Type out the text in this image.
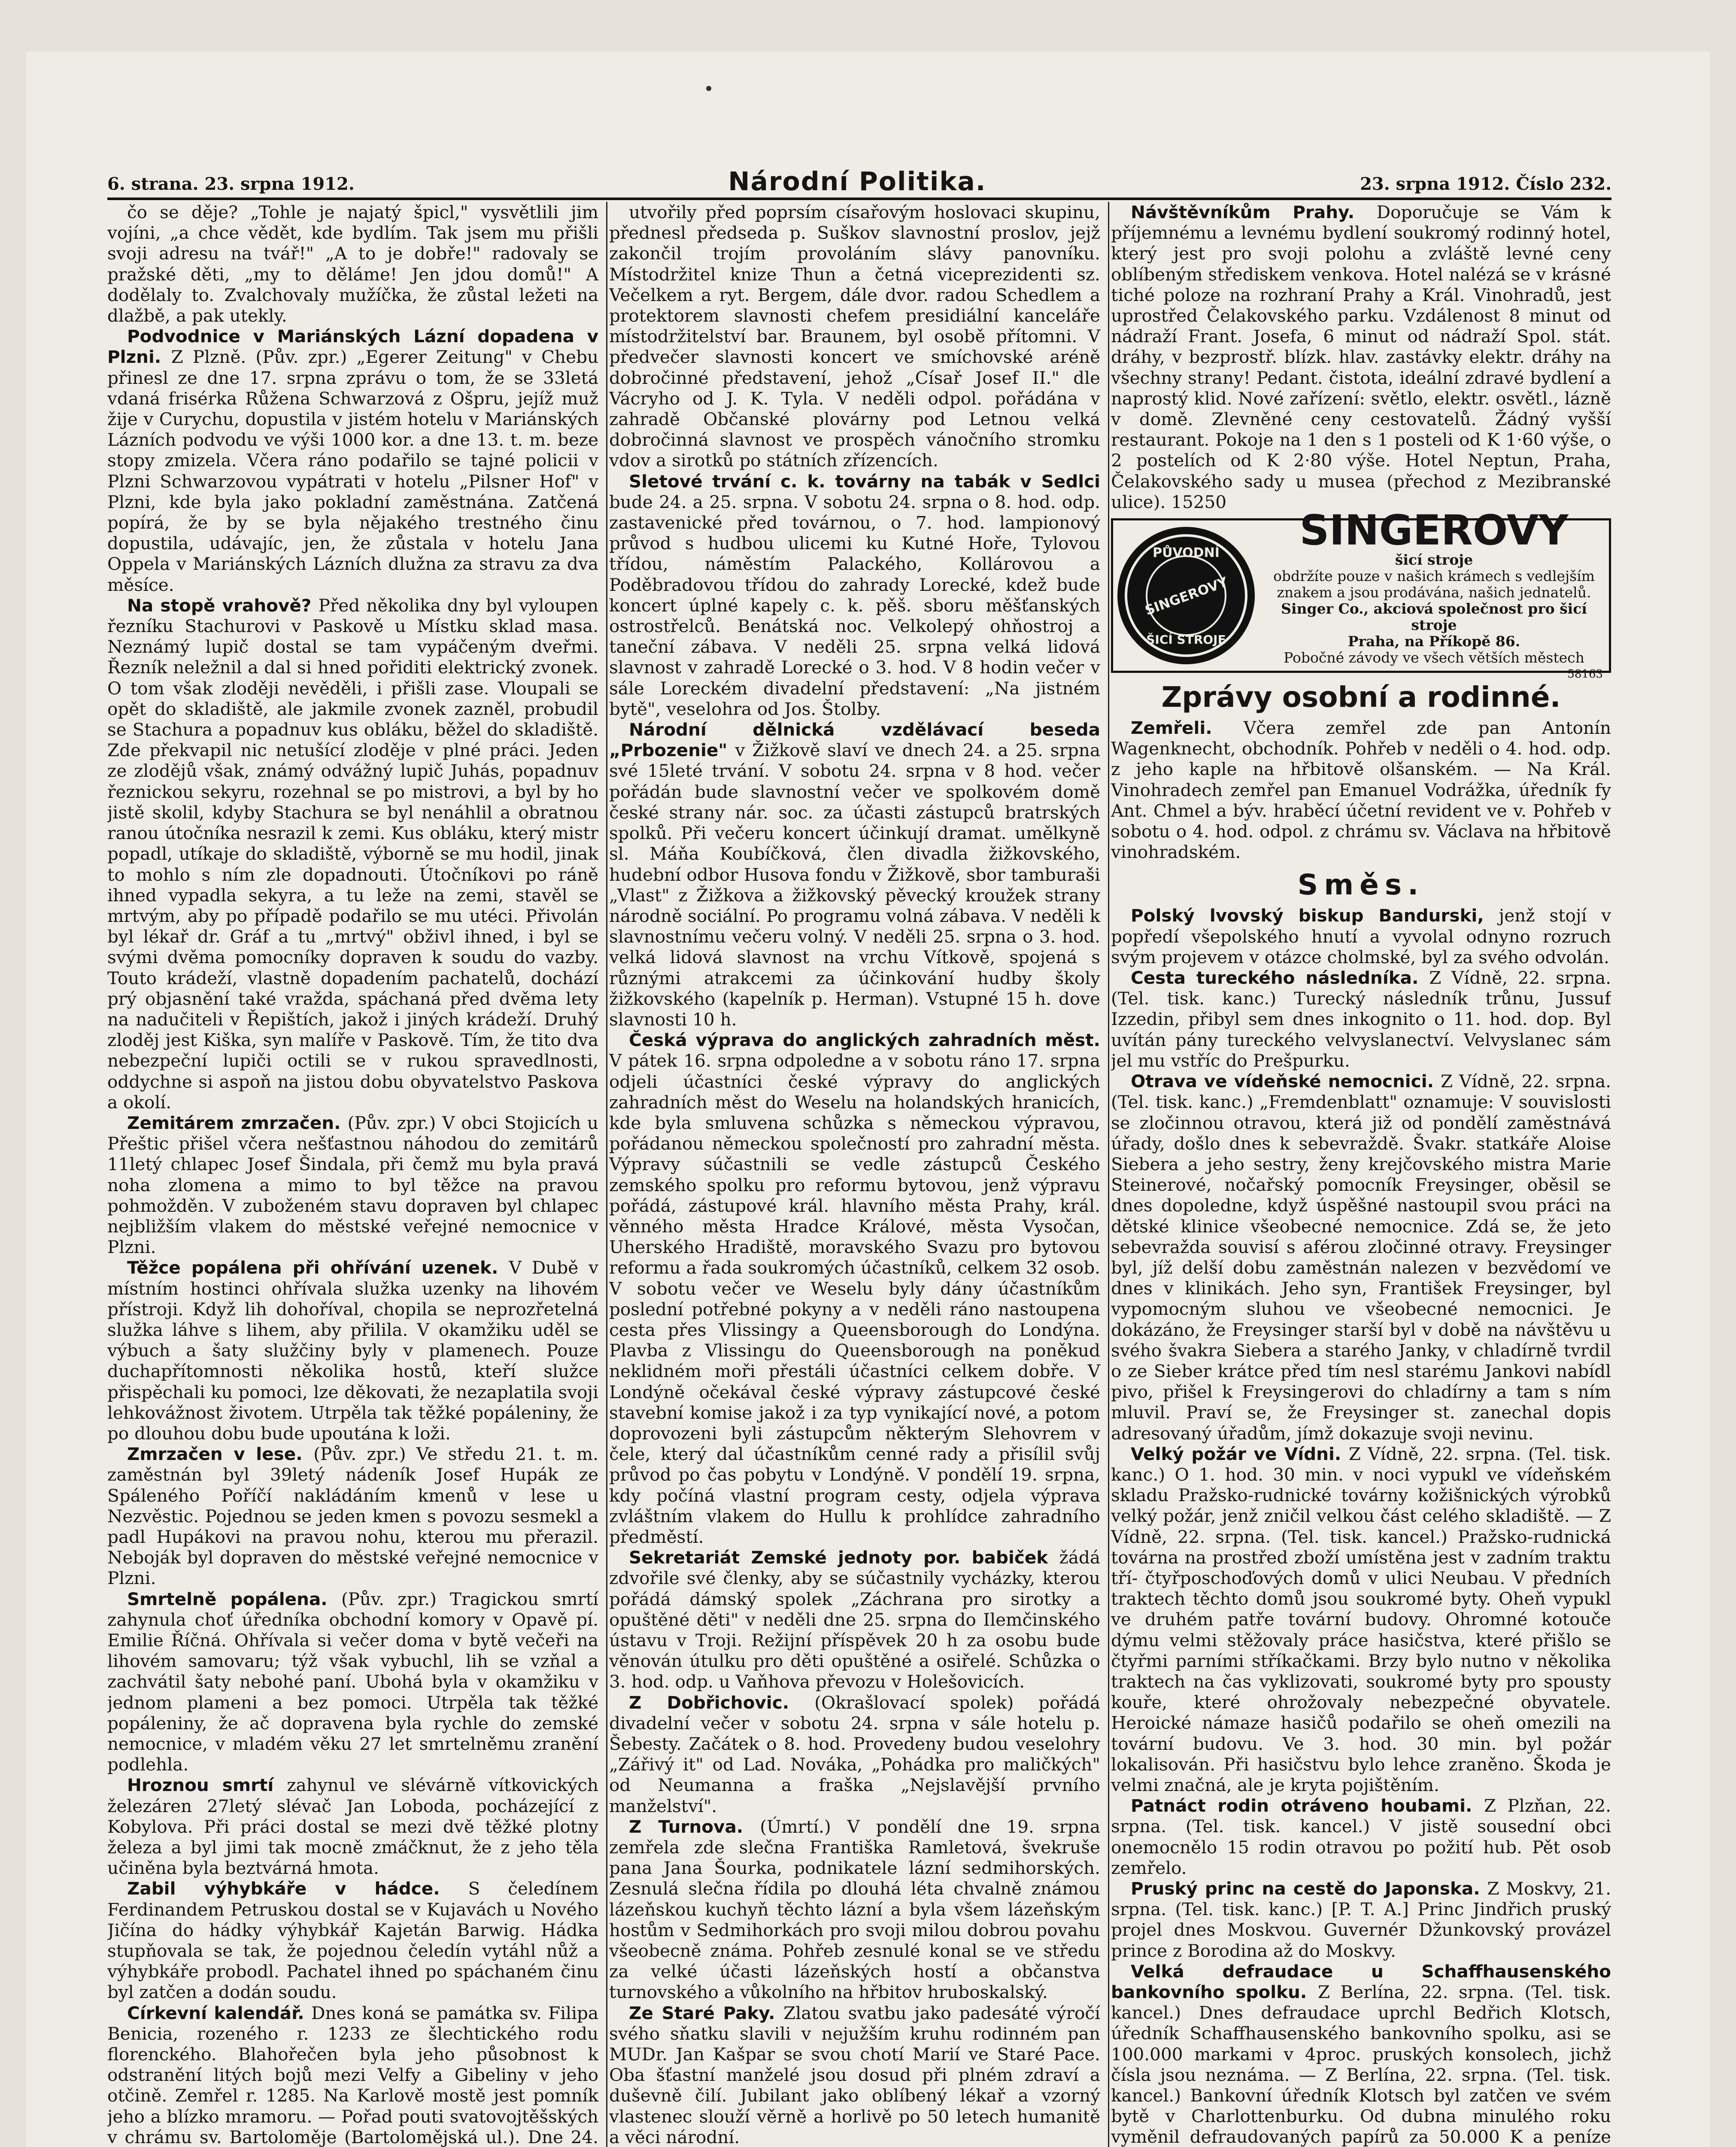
6. strana. 23. srpna 1912.	Národní Politika.	23. srpna 1912. Číslo 232.

čo se děje? „Tohle je najatý špicl," vysvětlili jim vojíni, „a chce vědět, kde bydlím. Tak jsem mu přišli svoji adresu na tvář!" „A to je dobře!" radovaly se pražské děti, „my to děláme! Jen jdou domů!" A dodělaly to. Zvalchovaly mužíčka, že zůstal ležeti na dlažbě, a pak utekly.

Podvodnice v Mariánských Lázní dopadena v Plzni. Z Plzně. (Pův. zpr.) „Egerer Zeitung" v Chebu přinesl ze dne 17. srpna zprávu o tom, že se 33letá vdaná frisérka Růžena Schwarzová z Ošpru, jejíž muž žije v Curychu, dopustila v jistém hotelu v Mariánských Lázních podvodu ve výši 1000 kor. a dne 13. t. m. beze stopy zmizela. Včera ráno podařilo se tajné policii v Plzni Schwarzovou vypátrati v hotelu „Pilsner Hof" v Plzni, kde byla jako pokladní zaměstnána. Zatčená popírá, že by se byla nějakého trestného činu dopustila, udávajíc, jen, že zůstala v hotelu Jana Oppela v Mariánských Lázních dlužna za stravu za dva měsíce.

Na stopě vrahově? Před několika dny byl vyloupen řezníku Stachurovi v Paskově u Místku sklad masa. Neznámý lupič dostal se tam vypáčeným dveřmi. Řezník neležnil a dal si hned pořiditi elektrický zvonek. O tom však zloději nevěděli, i přišli zase. Vloupali se opět do skladiště, ale jakmile zvonek zazněl, probudil se Stachura a popadnuv kus obláku, běžel do skladiště. Zde překvapil nic netušící zloděje v plné práci. Jeden ze zlodějů však, známý odvážný lupič Juhás, popadnuv řeznickou sekyru, rozehnal se po mistrovi, a byl by ho jistě skolil, kdyby Stachura se byl nenáhlil a obratnou ranou útočníka nesrazil k zemi. Kus obláku, který mistr popadl, utíkaje do skladiště, výborně se mu hodil, jinak to mohlo s ním zle dopadnouti. Útočníkovi po ráně ihned vypadla sekyra, a tu leže na zemi, stavěl se mrtvým, aby po případě podařilo se mu utéci. Přivolán byl lékař dr. Gráf a tu „mrtvý" obživl ihned, i byl se svými dvěma pomocníky dopraven k soudu do vazby. Touto krádeží, vlastně dopadením pachatelů, dochází prý objasnění také vražda, spáchaná před dvěma lety na nadučiteli v Řepištích, jakož i jiných krádeží. Druhý zloděj jest Kiška, syn malíře v Paskově. Tím, že tito dva nebezpeční lupiči octili se v rukou spravedlnosti, oddychne si aspoň na jistou dobu obyvatelstvo Paskova a okolí.

Zemitárem zmrzačen. (Pův. zpr.) V obci Stojicích u Přeštic přišel včera nešťastnou náhodou do zemitárů 11letý chlapec Josef Šindala, při čemž mu byla pravá noha zlomena a mimo to byl těžce na pravou pohmožděn. V zuboženém stavu dopraven byl chlapec nejbližším vlakem do městské veřejné nemocnice v Plzni.

Těžce popálena při ohřívání uzenek. V Dubě v místním hostinci ohřívala služka uzenky na lihovém přístroji. Když lih dohoříval, chopila se neprozřetelná služka láhve s lihem, aby přilila. V okamžiku uděl se výbuch a šaty služčiny byly v plamenech. Pouze duchapřítomnosti několika hostů, kteří služce přispěchali ku pomoci, lze děkovati, že nezaplatila svoji lehkovážnost životem. Utrpěla tak těžké popáleniny, že po dlouhou dobu bude upoutána k loži.

Zmrzačen v lese. (Pův. zpr.) Ve středu 21. t. m. zaměstnán byl 39letý nádeník Josef Hupák ze Spáleného Poříčí nakládáním kmenů v lese u Nezvěstic. Pojednou se jeden kmen s povozu sesmekl a padl Hupákovi na pravou nohu, kterou mu přerazil. Neboják byl dopraven do městské veřejné nemocnice v Plzni.

Smrtelně popálena. (Pův. zpr.) Tragickou smrtí zahynula choť úředníka obchodní komory v Opavě pí. Emilie Říčná. Ohřívala si večer doma v bytě večeři na lihovém samovaru; týž však vybuchl, lih se vzňal a zachvátil šaty nebohé paní. Ubohá byla v okamžiku v jednom plameni a bez pomoci. Utrpěla tak těžké popáleniny, že ač dopravena byla rychle do zemské nemocnice, v mladém věku 27 let smrtelněmu zranění podlehla.

Hroznou smrtí zahynul ve slévárně vítkovických železáren 27letý slévač Jan Loboda, pocházející z Kobylova. Při práci dostal se mezi dvě těžké plotny železa a byl jimi tak mocně zmáčknut, že z jeho těla učiněna byla beztvárná hmota.

Zabil výhybkáře v hádce. S čeledínem Ferdinandem Petruskou dostal se v Kujavách u Nového Jičína do hádky výhybkář Kajetán Barwig. Hádka stupňovala se tak, že pojednou čeledín vytáhl nůž a výhybkáře probodl. Pachatel ihned po spáchaném činu byl zatčen a dodán soudu.

Církevní kalendář. Dnes koná se památka sv. Filipa Benicia, rozeného r. 1233 ze šlechtického rodu florenckého. Blahořečen byla jeho působnost k odstranění litých bojů mezi Velfy a Gibeliny v jeho otčině. Zemřel r. 1285. Na Karlově mostě jest pomník jeho a blízko mramoru. — Pořad pouti svatovojtěšských v chrámu sv. Bartoloměje (Bartolomějská ul.). Dne 24.

utvořily před poprsím císařovým hoslovaci skupinu, přednesl předseda p. Suškov slavnostní proslov, jejž zakončil trojím provoláním slávy panovníku. Místodržitel knize Thun a četná viceprezidenti sz. Večelkem a ryt. Bergem, dále dvor. radou Schedlem a protektorem slavnosti chefem presidiální kanceláře místodržitelství bar. Braunem, byl osobě přítomni. V předvečer slavnosti koncert ve smíchovské aréně dobročinné představení, jehož „Císař Josef II." dle Vácryho od J. K. Tyla. V neděli odpol. pořádána v zahradě Občanské plovárny pod Letnou velká dobročinná slavnost ve prospěch vánočního stromku vdov a sirotků po státních zřízencích.

Sletové trvání c. k. továrny na tabák v Sedlci bude 24. a 25. srpna. V sobotu 24. srpna o 8. hod. odp. zastavenické před továrnou, o 7. hod. lampionový průvod s hudbou ulicemi ku Kutné Hoře, Tylovou třídou, náměstím Palackého, Kollárovou a Poděbradovou třídou do zahrady Lorecké, kdež bude koncert úplné kapely c. k. pěš. sboru měšťanských ostrostřelců. Benátská noc. Velkolepý ohňostroj a taneční zábava. V neděli 25. srpna velká lidová slavnost v zahradě Lorecké o 3. hod. V 8 hodin večer v sále Loreckém divadelní představení: „Na jistném bytě", veselohra od Jos. Štolby.

Národní dělnická vzdělávací beseda „Prbozenie" v Žižkově slaví ve dnech 24. a 25. srpna své 15leté trvání. V sobotu 24. srpna v 8 hod. večer pořádán bude slavnostní večer ve spolkovém domě české strany nár. soc. za účasti zástupců bratrských spolků. Při večeru koncert účinkují dramat. umělkyně sl. Máňa Koubíčková, člen divadla žižkovského, hudební odbor Husova fondu v Žižkově, sbor tamburaši „Vlast" z Žižkova a žižkovský pěvecký kroužek strany národně sociální. Po programu volná zábava. V neděli k slavnostnímu večeru volný. V neděli 25. srpna o 3. hod. velká lidová slavnost na vrchu Vítkově, spojená s různými atrakcemi za účinkování hudby školy žižkovského (kapelník p. Herman). Vstupné 15 h. dove slavnosti 10 h.

Česká výprava do anglických zahradních měst. V pátek 16. srpna odpoledne a v sobotu ráno 17. srpna odjeli účastníci české výpravy do anglických zahradních měst do Weselu na holandských hranicích, kde byla smluvena schůzka s německou výpravou, pořádanou německou společností pro zahradní města. Výpravy súčastnili se vedle zástupců Českého zemského spolku pro reformu bytovou, jenž výpravu pořádá, zástupové král. hlavního města Prahy, král. věnného města Hradce Králové, města Vysočan, Uherského Hradiště, moravského Svazu pro bytovou reformu a řada soukromých účastníků, celkem 32 osob. V sobotu večer ve Weselu byly dány účastníkům poslední potřebné pokyny a v neděli ráno nastoupena cesta přes Vlissingy a Queensborough do Londýna. Plavba z Vlissingu do Queensborough na poněkud neklidném moři přestáli účastníci celkem dobře. V Londýně očekával české výpravy zástupcové české stavební komise jakož i za typ vynikající nové, a potom doprovozeni byli zástupcům některým Slehovrem v čele, který dal účastníkům cenné rady a přisílil svůj průvod po čas pobytu v Londýně. V pondělí 19. srpna, kdy počíná vlastní program cesty, odjela výprava zvláštním vlakem do Hullu k prohlídce zahradního předměstí.

Sekretariát Zemské jednoty por. babiček žádá zdvořile své členky, aby se súčastnily vycházky, kterou pořádá dámský spolek „Záchrana pro sirotky a opuštěné děti" v neděli dne 25. srpna do Ilemčinského ústavu v Troji. Režijní příspěvek 20 h za osobu bude věnován útulku pro děti opuštěné a osiřelé. Schůzka o 3. hod. odp. u Vaňhova převozu v Holešovicích.

Z Dobřichovic. (Okrašlovací spolek) pořádá divadelní večer v sobotu 24. srpna v sále hotelu p. Šebesty. Začátek o 8. hod. Provedeny budou veselohry „Zářivý it" od Lad. Nováka, „Pohádka pro maličkých" od Neumanna a fraška „Nejslavější prvního manželství".

Z Turnova. (Úmrtí.) V pondělí dne 19. srpna zemřela zde slečna Františka Ramletová, švekruše pana Jana Šourka, podnikatele lázní sedmihorských. Zesnulá slečna řídila po dlouhá léta chvalně známou lázeňskou kuchyň těchto lázní a byla všem lázeňským hostům v Sedmihorkách pro svoji milou dobrou povahu všeobecně známa. Pohřeb zesnulé konal se ve středu za velké účasti lázeňských hostí a občanstva turnovského a vůkolního na hřbitov hruboskalský.

Ze Staré Paky. Zlatou svatbu jako padesáté výročí svého sňatku slavili v nejužším kruhu rodinném pan MUDr. Jan Kašpar se svou chotí Marií ve Staré Pace. Oba šťastní manželé jsou dosud při plném zdraví a duševně čilí. Jubilant jako oblíbený lékař a vzorný vlastenec slouží věrně a horlivě po 50 letech humanitě a věci národní.

Návštěvníkům Prahy. Doporučuje se Vám k příjemnému a levnému bydlení soukromý rodinný hotel, který jest pro svoji polohu a zvláště levné ceny oblíbeným střediskem venkova. Hotel nalézá se v krásné tiché poloze na rozhraní Prahy a Král. Vinohradů, jest uprostřed Čelakovského parku. Vzdálenost 8 minut od nádraží Frant. Josefa, 6 minut od nádraží Spol. stát. dráhy, v bezprostř. blízk. hlav. zastávky elektr. dráhy na všechny strany! Pedant. čistota, ideální zdravé bydlení a naprostý klid. Nové zařízení: světlo, elektr. osvětl., lázně v domě. Zlevněné ceny cestovatelů. Žádný vyšší restaurant. Pokoje na 1 den s 1 posteli od K 1·60 výše, o 2 postelích od K 2·80 výše. Hotel Neptun, Praha, Čelakovského sady u musea (přechod z Mezibranské ulice). 15250

PŮVODNÍ
SINGEROVY
ŠICÍ STROJE
SINGEROVY
šicí stroje
obdržíte pouze v našich krámech s vedlejším znakem a jsou prodávána, našich jednatelů.
Singer Co., akciová společnost pro šicí stroje
Praha, na Příkopě 86.
Pobočné závody ve všech větších městech
58163
Zprávy osobní a rodinné.

Zemřeli. Včera zemřel zde pan Antonín Wagenknecht, obchodník. Pohřeb v neděli o 4. hod. odp. z jeho kaple na hřbitově olšanském. — Na Král. Vinohradech zemřel pan Emanuel Vodrážka, úředník fy Ant. Chmel a býv. hraběcí účetní revident ve v. Pohřeb v sobotu o 4. hod. odpol. z chrámu sv. Václava na hřbitově vinohradském.

Směs.

Polský lvovský biskup Bandurski, jenž stojí v popředí všepolského hnutí a vyvolal odnyno rozruch svým projevem v otázce cholmské, byl za svého odvolán.

Cesta tureckého následníka. Z Vídně, 22. srpna. (Tel. tisk. kanc.) Turecký následník trůnu, Jussuf Izzedin, přibyl sem dnes inkognito o 11. hod. dop. Byl uvítán pány tureckého velvyslanectví. Velvyslanec sám jel mu vstříc do Prešpurku.

Otrava ve vídeňské nemocnici. Z Vídně, 22. srpna. (Tel. tisk. kanc.) „Fremdenblatt" oznamuje: V souvislosti se zločinnou otravou, která již od pondělí zaměstnává úřady, došlo dnes k sebevraždě. Švakr. statkáře Aloise Siebera a jeho sestry, ženy krejčovského mistra Marie Steinerové, nočařský pomocník Freysinger, oběsil se dnes dopoledne, když úspěšné nastoupil svou práci na dětské klinice všeobecné nemocnice. Zdá se, že jeto sebevražda souvisí s aférou zločinné otravy. Freysinger byl, jíž delší dobu zaměstnán nalezen v bezvědomí ve dnes v klinikách. Jeho syn, František Freysinger, byl vypomocným sluhou ve všeobecné nemocnici. Je dokázáno, že Freysinger starší byl v době na návštěvu u svého švakra Siebera a starého Janky, v chladírně tvrdil o ze Sieber krátce před tím nesl starému Jankovi nabídl pivo, přišel k Freysingerovi do chladírny a tam s ním mluvil. Praví se, že Freysinger st. zanechal dopis adresovaný úřadům, jímž dokazuje svoji nevinu.

Velký požár ve Vídni. Z Vídně, 22. srpna. (Tel. tisk. kanc.) O 1. hod. 30 min. v noci vypukl ve vídeňském skladu Pražsko-rudnické továrny kožišnických výrobků velký požár, jenž zničil velkou část celého skladiště. — Z Vídně, 22. srpna. (Tel. tisk. kancel.) Pražsko-rudnická továrna na prostřed zboží umístěna jest v zadním traktu tří- čtyřposchoďových domů v ulici Neubau. V předních traktech těchto domů jsou soukromé byty. Oheň vypukl ve druhém patře tovární budovy. Ohromné kotouče dýmu velmi stěžovaly práce hasičstva, které přišlo se čtyřmi parními stříkačkami. Brzy bylo nutno v několika traktech na čas vyklizovati, soukromé byty pro spousty kouře, které ohrožovaly nebezpečné obyvatele. Heroické námaze hasičů podařilo se oheň omezili na tovární budovu. Ve 3. hod. 30 min. byl požár lokalisován. Při hasičstvu bylo lehce zraněno. Škoda je velmi značná, ale je kryta pojištěním.

Patnáct rodin otráveno houbami. Z Plzňan, 22. srpna. (Tel. tisk. kancel.) V jistě sousední obci onemocnělo 15 rodin otravou po požití hub. Pět osob zemřelo.

Pruský princ na cestě do Japonska. Z Moskvy, 21. srpna. (Tel. tisk. kanc.) [P. T. A.] Princ Jindřich pruský projel dnes Moskvou. Guvernér Džunkovský provázel prince z Borodina až do Moskvy.

Velká defraudace u Schaffhausenského bankovního spolku. Z Berlína, 22. srpna. (Tel. tisk. kancel.) Dnes defraudace uprchl Bedřich Klotsch, úředník Schaffhausenského bankovního spolku, asi se 100.000 markami v 4proc. pruských konsolech, jichž čísla jsou neznáma. — Z Berlína, 22. srpna. (Tel. tisk. kancel.) Bankovní úředník Klotsch byl zatčen ve svém bytě v Charlottenburku. Od dubna minulého roku vyměnil defraudovaných papírů za 50.000 K a peníze
